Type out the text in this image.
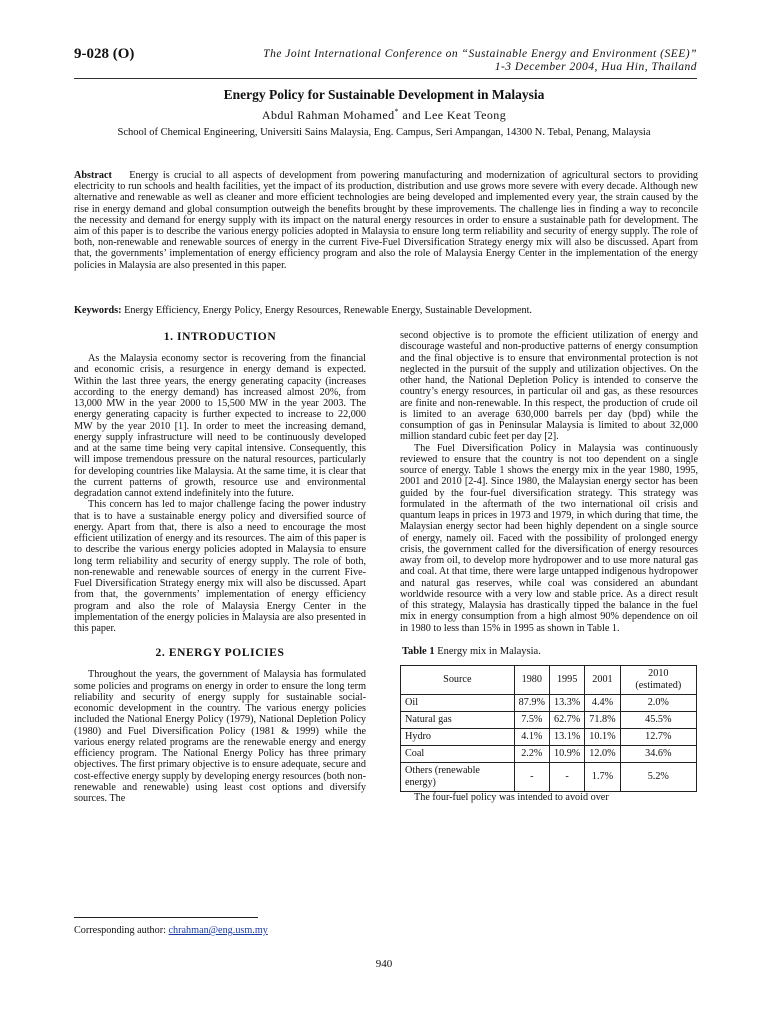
9-028 (O)	The Joint International Conference on “Sustainable Energy and Environment (SEE)”
1-3 December 2004, Hua Hin, Thailand
Energy Policy for Sustainable Development in Malaysia
Abdul Rahman Mohamed* and Lee Keat Teong
School of Chemical Engineering, Universiti Sains Malaysia, Eng. Campus, Seri Ampangan, 14300 N. Tebal, Penang, Malaysia
Abstract Energy is crucial to all aspects of development from powering manufacturing and modernization of agricultural sectors to providing electricity to run schools and health facilities, yet the impact of its production, distribution and use grows more severe with every decade. Although new alternative and renewable as well as cleaner and more efficient technologies are being developed and implemented every year, the strain caused by the rise in energy demand and global consumption outweigh the benefits brought by these improvements. The challenge lies in finding a way to reconcile the necessity and demand for energy supply with its impact on the natural energy resources in order to ensure a sustainable path for development. The aim of this paper is to describe the various energy policies adopted in Malaysia to ensure long term reliability and security of energy supply. The role of both, non-renewable and renewable sources of energy in the current Five-Fuel Diversification Strategy energy mix will also be discussed. Apart from that, the governments’ implementation of energy efficiency program and also the role of Malaysia Energy Center in the implementation of the energy policies in Malaysia are also presented in this paper.
Keywords: Energy Efficiency, Energy Policy, Energy Resources, Renewable Energy, Sustainable Development.
1. INTRODUCTION

As the Malaysia economy sector is recovering from the financial and economic crisis, a resurgence in energy demand is expected. Within the last three years, the energy generating capacity (increases according to the energy demand) has increased almost 20%, from 13,000 MW in the year 2000 to 15,500 MW in the year 2003. The energy generating capacity is further expected to increase to 22,000 MW by the year 2010 [1]. In order to meet the increasing demand, energy supply infrastructure will need to be continuously developed and at the same time being very capital intensive. Consequently, this will impose tremendous pressure on the natural resources, particularly for developing countries like Malaysia. At the same time, it is clear that the current patterns of growth, resource use and environmental degradation cannot extend indefinitely into the future.

This concern has led to major challenge facing the power industry that is to have a sustainable energy policy and diversified source of energy. Apart from that, there is also a need to encourage the most efficient utilization of energy and its resources. The aim of this paper is to describe the various energy policies adopted in Malaysia to ensure long term reliability and security of energy supply. The role of both, non-renewable and renewable sources of energy in the current Five-Fuel Diversification Strategy energy mix will also be discussed. Apart from that, the governments’ implementation of energy efficiency program and also the role of Malaysia Energy Center in the implementation of the energy policies in Malaysia are also presented in this paper.

2. ENERGY POLICIES

Throughout the years, the government of Malaysia has formulated some policies and programs on energy in order to ensure the long term reliability and security of energy supply for sustainable social-economic development in the country. The various energy policies included the National Energy Policy (1979), National Depletion Policy (1980) and Fuel Diversification Policy (1981 & 1999) while the various energy related programs are the renewable energy and energy efficiency program. The National Energy Policy has three primary objectives. The first primary objective is to ensure adequate, secure and cost-effective energy supply by developing energy resources (both non-renewable and renewable) using least cost options and diversify sources. The

second objective is to promote the efficient utilization of energy and discourage wasteful and non-productive patterns of energy consumption and the final objective is to ensure that environmental protection is not neglected in the pursuit of the supply and utilization objectives. On the other hand, the National Depletion Policy is intended to conserve the country’s energy resources, in particular oil and gas, as these resources are finite and non-renewable. In this respect, the production of crude oil is limited to an average 630,000 barrels per day (bpd) while the consumption of gas in Peninsular Malaysia is limited to about 32,000 million standard cubic feet per day [2].

The Fuel Diversification Policy in Malaysia was continuously reviewed to ensure that the country is not too dependent on a single source of energy. Table 1 shows the energy mix in the year 1980, 1995, 2001 and 2010 [2-4]. Since 1980, the Malaysian energy sector has been guided by the four-fuel diversification strategy. This strategy was formulated in the aftermath of the two international oil crisis and quantum leaps in prices in 1973 and 1979, in which during that time, the Malaysian energy sector had been highly dependent on a single source of energy, namely oil. Faced with the possibility of prolonged energy crisis, the government called for the diversification of energy resources away from oil, to develop more hydropower and to use more natural gas and coal. At that time, there were large untapped indigenous hydropower and natural gas reserves, while coal was considered an abundant worldwide resource with a very low and stable price. As a direct result of this strategy, Malaysia has drastically tipped the balance in the fuel mix in energy consumption from a high almost 90% dependence on oil in 1980 to less than 15% in 1995 as shown in Table 1.

Table 1 Energy mix in Malaysia.
Source	1980	1995	2001	2010 (estimated)
Oil	87.9%	13.3%	4.4%	2.0%
Natural gas	7.5%	62.7%	71.8%	45.5%
Hydro	4.1%	13.1%	10.1%	12.7%
Coal	2.2%	10.9%	12.0%	34.6%
Others (renewable energy)	-	-	1.7%	5.2%

The four-fuel policy was intended to avoid over

Corresponding author: chrahman@eng.usm.my
940
